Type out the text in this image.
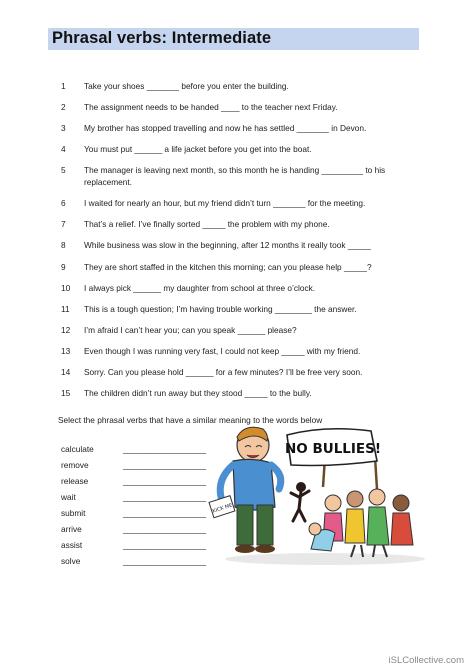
Phrasal verbs: Intermediate
1	Take your shoes _______ before you enter the building.
2	The assignment needs to be handed ____ to the teacher next Friday.
3	My brother has stopped travelling and now he has settled _______ in Devon.
4	You must put ______ a life jacket before you get into the boat.
5	The manager is leaving next month, so this month he is handing _________ to his replacement.
6	I waited for nearly an hour, but my friend didn’t turn _______ for the meeting.
7	That’s a relief. I’ve finally sorted _____ the problem with my phone.
8	While business was slow in the beginning, after 12 months it really took _____
9	They are short staffed in the kitchen this morning; can you please help _____?
10	I always pick ______ my daughter from school at three o’clock.
11	This is a tough question; I’m having trouble working ________ the answer.
12	I’m afraid I can’t hear you; can you speak ______ please?
13	Even though I was running very fast, I could not keep _____ with my friend.
14	Sorry. Can you please hold ______ for a few minutes? I’ll be free very soon.
15	The children didn’t run away but they stood _____ to the bully.
Select the phrasal verbs that have a similar meaning to the words below
calculate	__________________
remove	__________________
release	__________________
wait	__________________
submit	__________________
arrive	__________________
assist	__________________
solve	__________________
NO BULLIES!
KICK ME
iSLCollective.com
